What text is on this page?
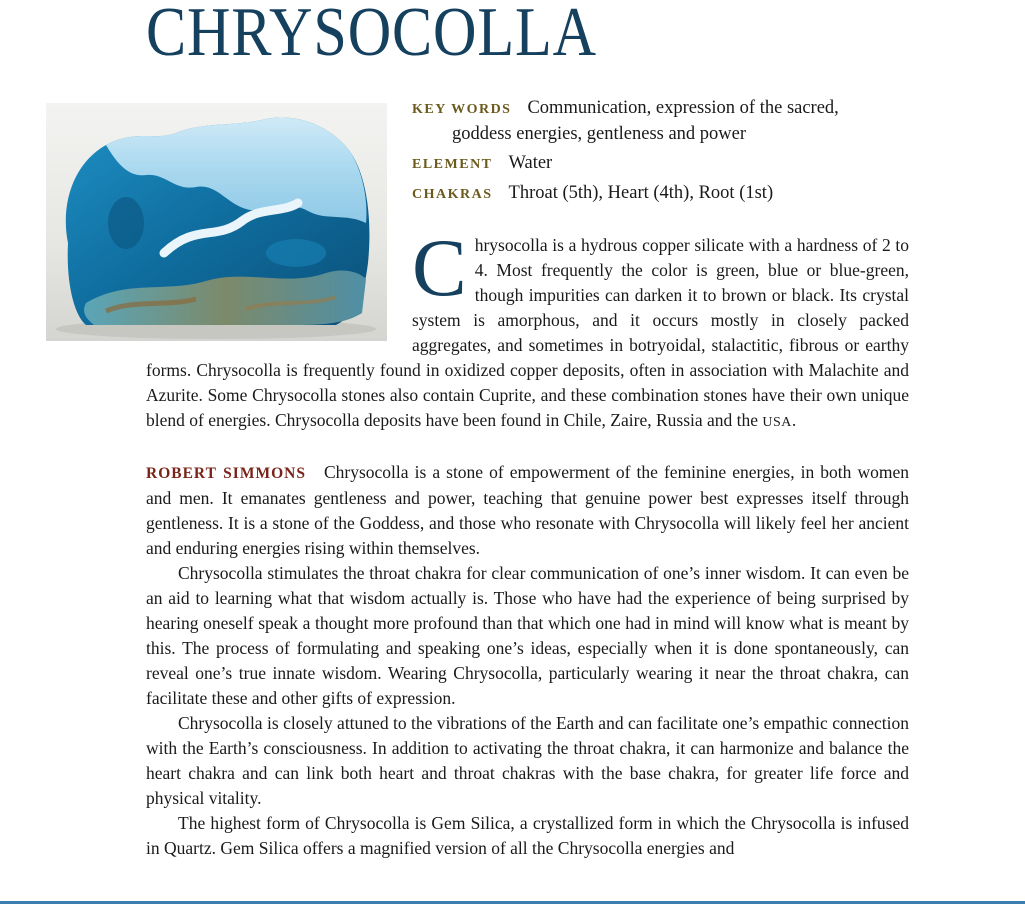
CHRYSOCOLLA

KEY WORDS Communication, expression of the sacred,

goddess energies, gentleness and power

ELEMENT Water

CHAKRAS Throat (5th), Heart (4th), Root (1st)

Chrysocolla is a hydrous copper silicate with a hardness of 2 to 4. Most frequently the color is green, blue or blue-green, though impurities can darken it to brown or black. Its crystal system is amorphous, and it occurs mostly in closely packed aggregates, and sometimes in botryoidal, stalactitic, fibrous or earthy forms. Chrysocolla is frequently found in oxidized copper deposits, often in association with Malachite and Azurite. Some Chrysocolla stones also contain Cuprite, and these combination stones have their own unique blend of energies. Chrysocolla deposits have been found in Chile, Zaire, Russia and the USA.

ROBERT SIMMONS Chrysocolla is a stone of empowerment of the feminine energies, in both women and men. It emanates gentleness and power, teaching that genuine power best expresses itself through gentleness. It is a stone of the Goddess, and those who resonate with Chrysocolla will likely feel her ancient and enduring energies rising within themselves.

Chrysocolla stimulates the throat chakra for clear communication of one’s inner wisdom. It can even be an aid to learning what that wisdom actually is. Those who have had the experience of being surprised by hearing oneself speak a thought more profound than that which one had in mind will know what is meant by this. The process of formulating and speaking one’s ideas, especially when it is done spontaneously, can reveal one’s true innate wisdom. Wearing Chrysocolla, particularly wearing it near the throat chakra, can facilitate these and other gifts of expression.

Chrysocolla is closely attuned to the vibrations of the Earth and can facilitate one’s empathic connection with the Earth’s consciousness. In addition to activating the throat chakra, it can harmonize and balance the heart chakra and can link both heart and throat chakras with the base chakra, for greater life force and physical vitality.

The highest form of Chrysocolla is Gem Silica, a crystallized form in which the Chrysocolla is infused in Quartz. Gem Silica offers a magnified version of all the Chrysocolla energies and
